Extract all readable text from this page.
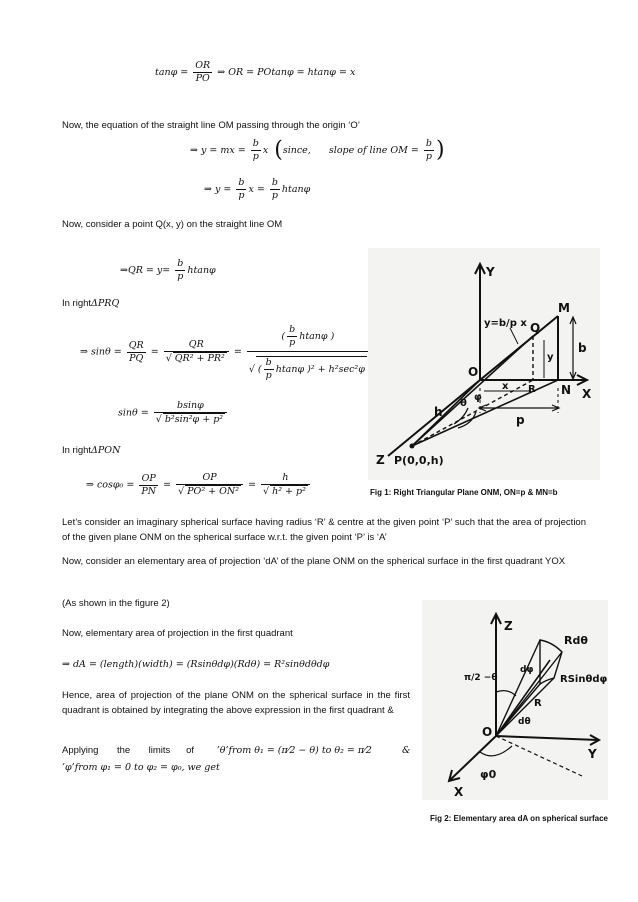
$\tan\varphi = \frac{OR}{PO}$ ⇒ OR = POtanφ = htanφ = x
Now, the equation of the straight line OM passing through the origin ‘O’
⇒ y = mx = $\frac{b}{p}$ x  (since,      slope of line OM = $\frac{b}{p}$ )
⇒ $y = \frac{b}{p}$ $x = \frac{b}{p}$ htanφ
Now, consider a point Q(x, y) on the straight line OM
⇒QR = $y= \frac{b}{p}$ htanφ
In rightΔPRQ
⇒ $\sin\theta = \frac{QR}{PQ} = \frac{QR}{\text{√ QR² + PR²}} = \frac{( \frac{b}{p} htan\varphi )}{√ ( \frac{b}{p} htan\varphi )^2 + h^2\sec^2\varphi}$
$\sin\theta = \frac{bsin\varphi}{\text{√ b²sin²φ + p²}}$
In rightΔPON
⇒ $\cos\varphi_0 = \frac{OP}{PN} = \frac{OP}{\text{√ PO² + ON²}} = \frac{h}{\text{√ h² + p²}}$
Y
X
Z
O
M
Q
N
R
y=b/p x
y
x
b
p
h
θ
φ
P(0,0,h)
Fig 1: Right Triangular Plane ONM, ON=p & MN=b
Let’s consider an imaginary spherical surface having radius ‘R’ & centre at the given point ‘P’ such that the area of projection of the given plane ONM on the spherical surface w.r.t. the given point ‘P’ is ‘A’
Now, consider an elementary area of projection ‘dA’ of the plane ONM on the spherical surface in the first quadrant YOX
(As shown in the figure 2)
Now, elementary area of projection in the first quadrant
⇒ dA = (length)(width) = (Rsinθdφ)(Rdθ) = R²sinθdθdφ
Hence, area of projection of the plane ONM on the spherical surface in the first quadrant is obtained by integrating the above expression in the first quadrant &
Applying the limits of ’θ’from θ₁ = (π⁄2 − θ) to θ₂ = π⁄2          &
’φ’from φ₁ = 0 to φ₂ = φ₀, we get
Z
Y
X
O
R
Rdθ
RSinθdφ
dφ
dθ
π/2 −θ
φ0
Fig 2: Elementary area dA on spherical surface
